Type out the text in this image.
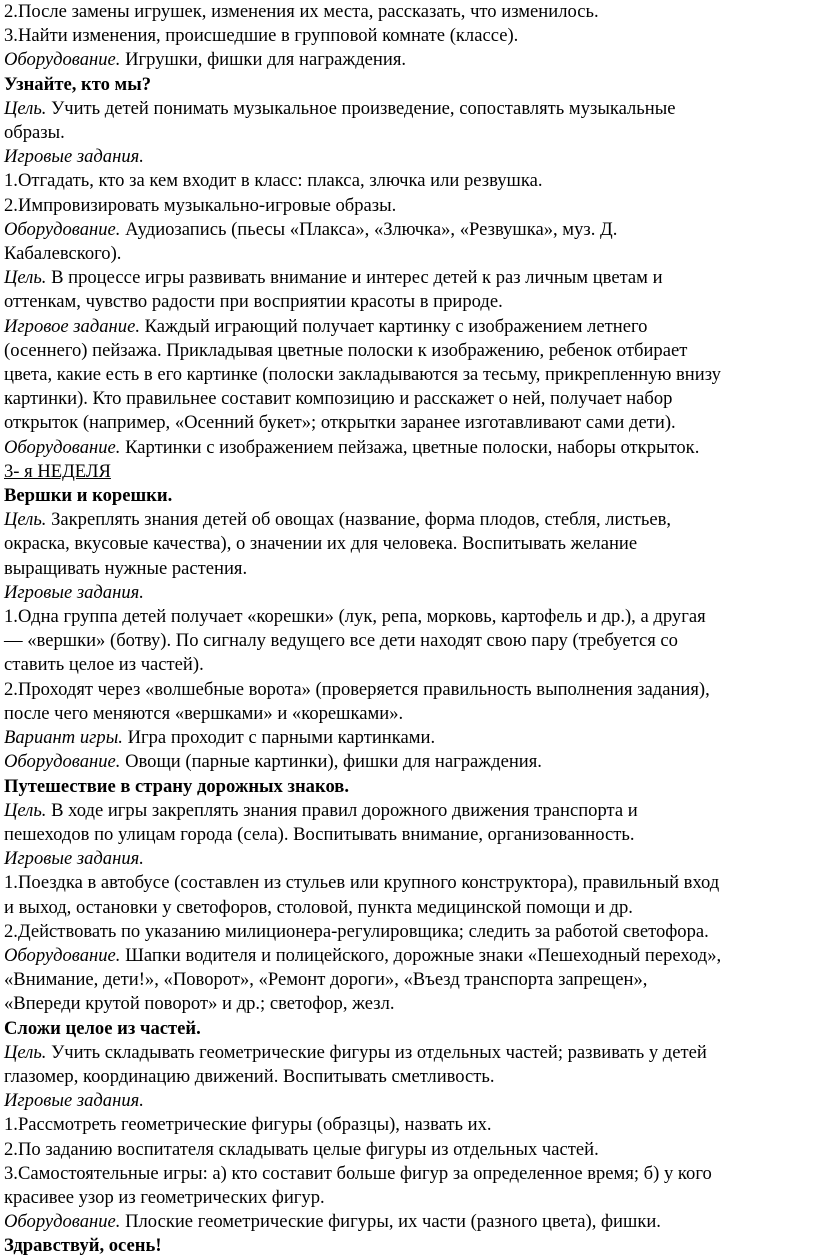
2.После замены игрушек, изменения их места, рассказать, что изменилось.
3.Найти изменения, происшедшие в групповой комнате (классе).
Оборудование. Игрушки, фишки для награждения.
Узнайте, кто мы?
Цель. Учить детей понимать музыкальное произведение, сопоставлять музыкальные
образы.
Игровые задания.
1.Отгадать, кто за кем входит в класс: плакса, злючка или резвушка.
2.Импровизировать музыкально-игровые образы.
Оборудование. Аудиозапись (пьесы «Плакса», «Злючка», «Резвушка», муз. Д.
Кабалевского).
Цель. В процессе игры развивать внимание и интерес детей к раз личным цветам и
оттенкам, чувство радости при восприятии красоты в природе.
Игровое задание. Каждый играющий получает картинку с изображением летнего
(осеннего) пейзажа. Прикладывая цветные полоски к изображению, ребенок отбирает
цвета, какие есть в его картинке (полоски закладываются за тесьму, прикрепленную внизу
картинки). Кто правильнее составит композицию и расскажет о ней, получает набор
открыток (например, «Осенний букет»; открытки заранее изготавливают сами дети).
Оборудование. Картинки с изображением пейзажа, цветные полоски, наборы открыток.
3- я НЕДЕЛЯ
Вершки и корешки.
Цель. Закреплять знания детей об овощах (название, форма плодов, стебля, листьев,
окраска, вкусовые качества), о значении их для человека. Воспитывать желание
выращивать нужные растения.
Игровые задания.
1.Одна группа детей получает «корешки» (лук, репа, морковь, картофель и др.), а другая
— «вершки» (ботву). По сигналу ведущего все дети находят свою пару (требуется со
ставить целое из частей).
2.Проходят через «волшебные ворота» (проверяется правильность выполнения задания),
после чего меняются «вершками» и «корешками».
Вариант игры. Игра проходит с парными картинками.
Оборудование. Овощи (парные картинки), фишки для награждения.
Путешествие в страну дорожных знаков.
Цель. В ходе игры закреплять знания правил дорожного движения транспорта и
пешеходов по улицам города (села). Воспитывать внимание, организованность.
Игровые задания.
1.Поездка в автобусе (составлен из стульев или крупного конструктора), правильный вход
и выход, остановки у светофоров, столовой, пункта медицинской помощи и др.
2.Действовать по указанию милиционера-регулировщика; следить за работой светофора.
Оборудование. Шапки водителя и полицейского, дорожные знаки «Пешеходный переход»,
«Внимание, дети!», «Поворот», «Ремонт дороги», «Въезд транспорта запрещен»,
«Впереди крутой поворот» и др.; светофор, жезл.
Сложи целое из частей.
Цель. Учить складывать геометрические фигуры из отдельных частей; развивать у детей
глазомер, координацию движений. Воспитывать сметливость.
Игровые задания.
1.Рассмотреть геометрические фигуры (образцы), назвать их.
2.По заданию воспитателя складывать целые фигуры из отдельных частей.
3.Самостоятельные игры: а) кто составит больше фигур за определенное время; б) у кого
красивее узор из геометрических фигур.
Оборудование. Плоские геометрические фигуры, их части (разного цвета), фишки.
Здравствуй, осень!
